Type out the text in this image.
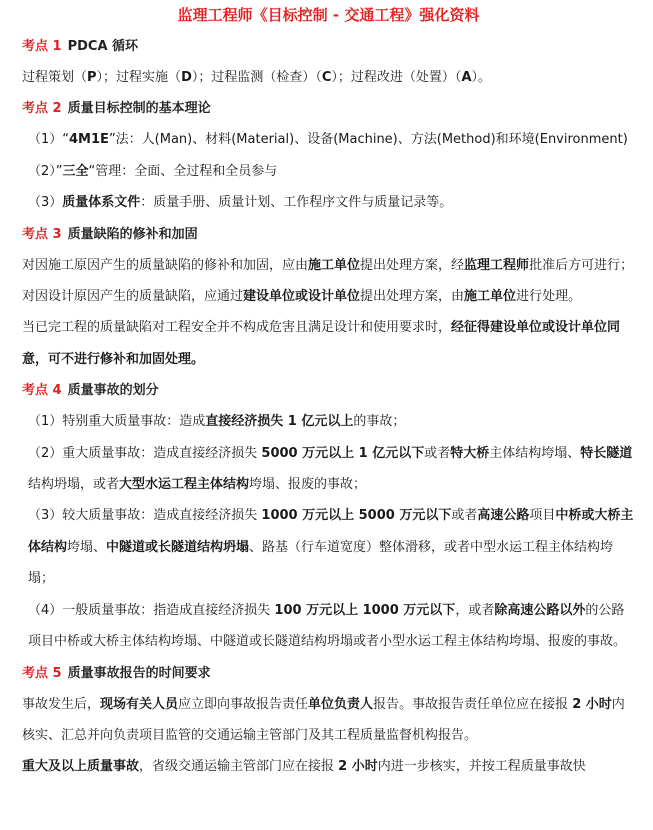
监理工程师《目标控制 - 交通工程》强化资料
考点 1 PDCA 循环

过程策划（P）；过程实施（D）；过程监测（检查）（C）；过程改进（处置）（A）。

考点 2 质量目标控制的基本理论

（1）“4M1E”法：人(Man)、材料(Material)、设备(Machine)、方法(Method)和环境(Environment)

（2）”三全“管理：全面、全过程和全员参与

（3）质量体系文件：质量手册、质量计划、工作程序文件与质量记录等。

考点 3 质量缺陷的修补和加固

对因施工原因产生的质量缺陷的修补和加固，应由施工单位提出处理方案，经监理工程师批准后方可进行；对因设计原因产生的质量缺陷，应通过建设单位或设计单位提出处理方案，由施工单位进行处理。

当已完工程的质量缺陷对工程安全并不构成危害且满足设计和使用要求时，经征得建设单位或设计单位同意，可不进行修补和加固处理。

考点 4 质量事故的划分

（1）特别重大质量事故：造成直接经济损失 1 亿元以上的事故；

（2）重大质量事故：造成直接经济损失 5000 万元以上 1 亿元以下或者特大桥主体结构垮塌、特长隧道结构坍塌，或者大型水运工程主体结构垮塌、报废的事故；

（3）较大质量事故：造成直接经济损失 1000 万元以上 5000 万元以下或者高速公路项目中桥或大桥主体结构垮塌、中隧道或长隧道结构坍塌、路基（行车道宽度）整体滑移，或者中型水运工程主体结构垮塌；

（4）一般质量事故：指造成直接经济损失 100 万元以上 1000 万元以下，或者除高速公路以外的公路项目中桥或大桥主体结构垮塌、中隧道或长隧道结构坍塌或者小型水运工程主体结构垮塌、报废的事故。

考点 5 质量事故报告的时间要求

事故发生后，现场有关人员应立即向事故报告责任单位负责人报告。事故报告责任单位应在接报 2 小时内核实、汇总并向负责项目监管的交通运输主管部门及其工程质量监督机构报告。

重大及以上质量事故，省级交通运输主管部门应在接报 2 小时内进一步核实，并按工程质量事故快
